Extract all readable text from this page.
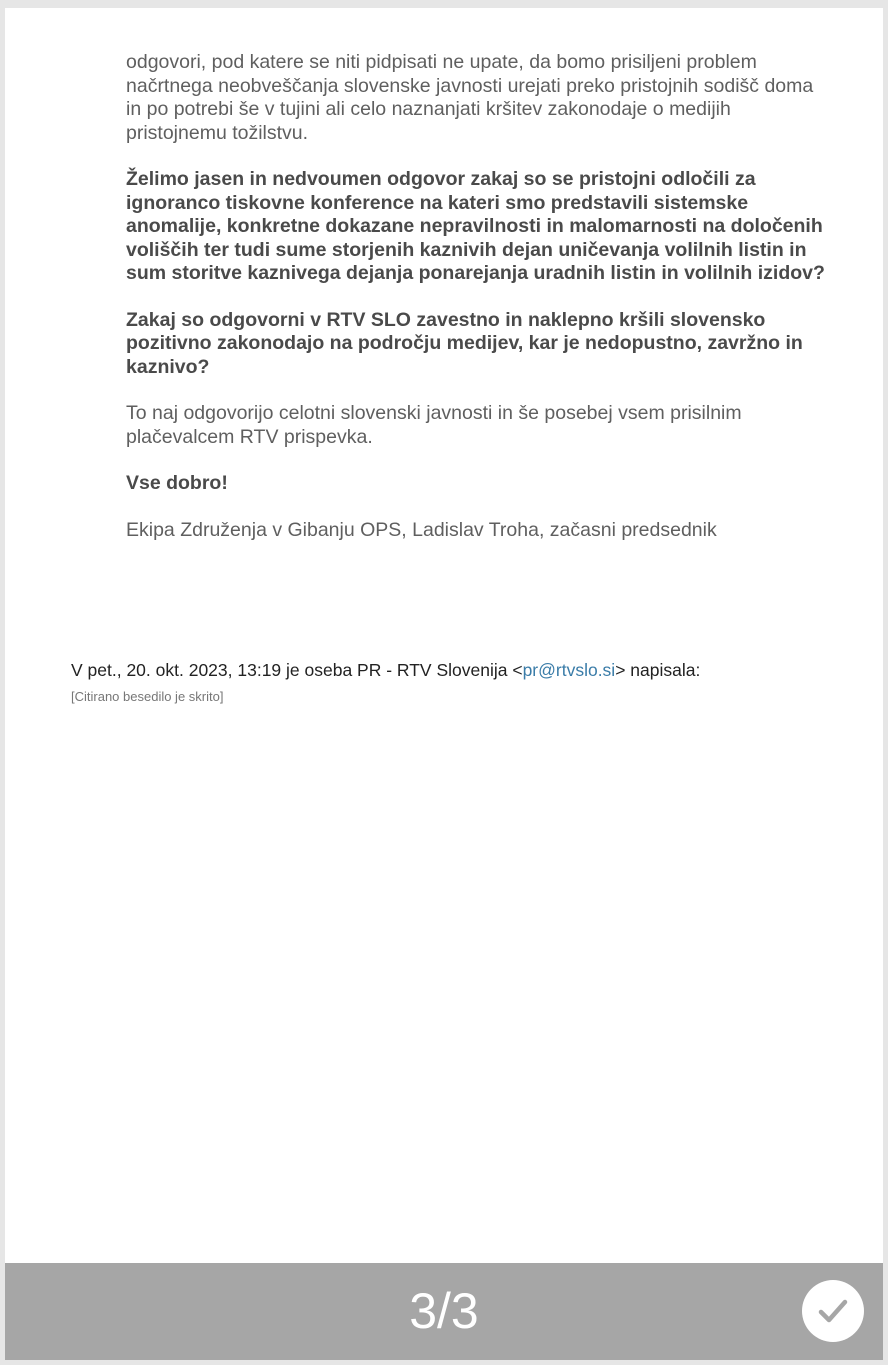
odgovori, pod katere se niti pidpisati ne upate, da bomo prisiljeni problem načrtnega neobveščanja slovenske javnosti urejati preko pristojnih sodišč doma in po potrebi še v tujini ali celo naznanjati kršitev zakonodaje o medijih pristojnemu tožilstvu.

Želimo jasen in nedvoumen odgovor zakaj so se pristojni odločili za ignoranco tiskovne konference na kateri smo predstavili sistemske anomalije, konkretne dokazane nepravilnosti in malomarnosti na določenih voliščih ter tudi sume storjenih kaznivih dejan uničevanja volilnih listin in sum storitve kaznivega dejanja ponarejanja uradnih listin in volilnih izidov?

Zakaj so odgovorni v RTV SLO zavestno in naklepno kršili slovensko pozitivno zakonodajo na področju medijev, kar je nedopustno, zavržno in kaznivo?

To naj odgovorijo celotni slovenski javnosti in še posebej vsem prisilnim plačevalcem RTV prispevka.

Vse dobro!

Ekipa Združenja v Gibanju OPS, Ladislav Troha, začasni predsednik

V pet., 20. okt. 2023, 13:19 je oseba PR - RTV Slovenija <pr@rtvslo.si> napisala:
[Citirano besedilo je skrito]
3/3
